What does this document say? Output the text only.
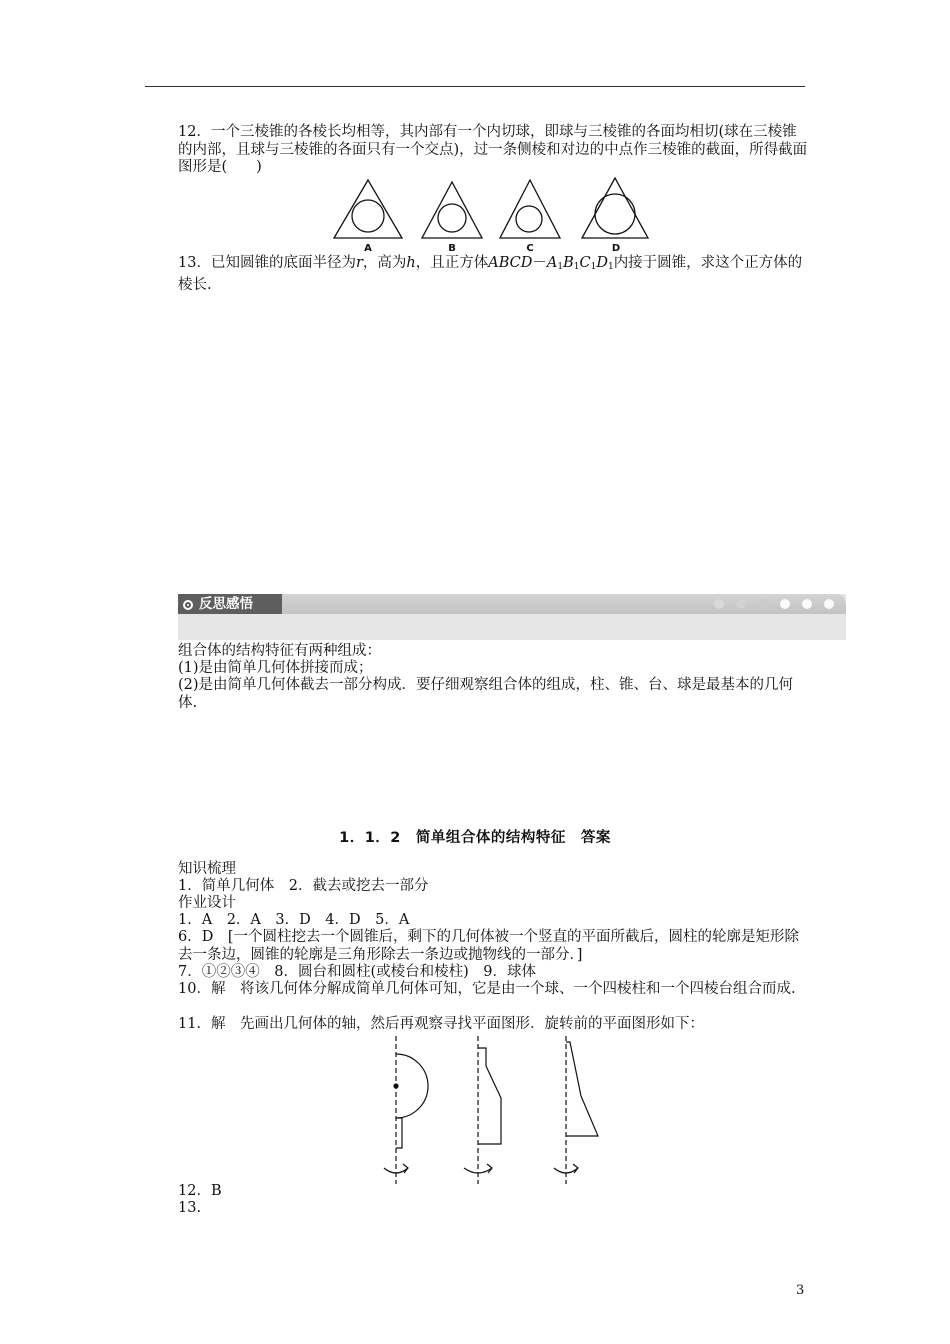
12．一个三棱锥的各棱长均相等，其内部有一个内切球，即球与三棱锥的各面均相切(球在三棱锥的内部，且球与三棱锥的各面只有一个交点)，过一条侧棱和对边的中点作三棱锥的截面，所得截面图形是(　　)
A	B	C	D
13．已知圆锥的底面半径为r，高为h，且正方体$ABCD-A_1B_1C_1D_1$内接于圆锥，求这个正方体的棱长.
反思感悟
组合体的结构特征有两种组成：
(1)是由简单几何体拼接而成；
(2)是由简单几何体截去一部分构成．要仔细观察组合体的组成，柱、锥、台、球是最基本的几何体.
1．1．2　简单组合体的结构特征　答案
知识梳理
1．简单几何体　2．截去或挖去一部分
作业设计
1．A　2．A　3．D　4．D　5．A
6．D　[一个圆柱挖去一个圆锥后，剩下的几何体被一个竖直的平面所截后，圆柱的轮廓是矩形除去一条边，圆锥的轮廓是三角形除去一条边或抛物线的一部分．]
7．①②③④　8．圆台和圆柱(或棱台和棱柱)　9．球体
10．解　将该几何体分解成简单几何体可知，它是由一个球、一个四棱柱和一个四棱台组合而成.
11．解　先画出几何体的轴，然后再观察寻找平面图形．旋转前的平面图形如下：
12．B
13.
3
